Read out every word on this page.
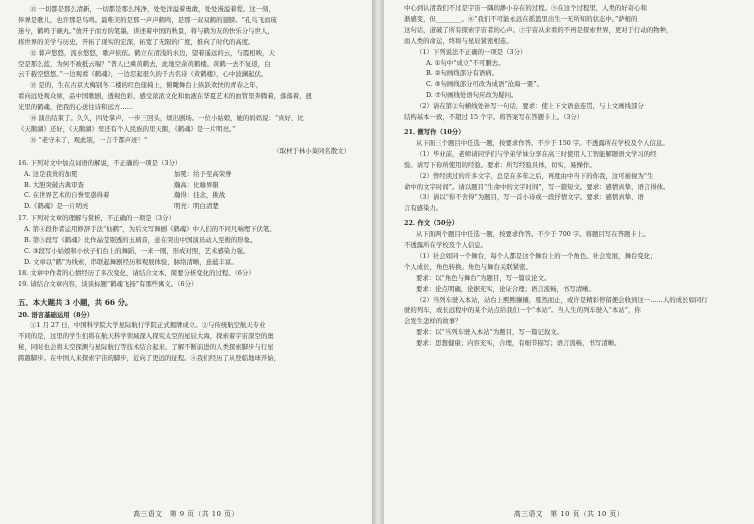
⑪ 一切都是那么清新，一切都是那么纯净，处处洋溢着勇敢，处处漫溢着爱。这一刻，
伴弹是歌儿，也许那是鸟鸣。最唯美的是那一声声鹤鸣，是那一双双鹤的翅膀。“孔鸟飞而琉
迷兮，鹤鸣于碗丸。”放开子而方的笔墨，讲述着中国的秋景，将与鹤为友的快乐分与世人，
将世界的美学与历史，开拓了现实的宏深，拓宽了无限的广度，推向了时代的高度。
⑫ 暮声悠悠，流水悠悠，歌声依依。鹤立在清浅的水边，望着遥远的云，与霞相映，天
空是那么蓝，为何不被抵云端？“普人已乘黄鹤去，此地空余黄鹤楼。黄鹤一去不复返，白
云千载空悠悠。”一边观看《鹤魂》，一边忍起很久的千古名诗《黄鹤楼》，心中波澜起伏。
⑬ 是的，生在古京大梅别冬二楼的红色座椅上，俯瞰舞台上纵跃欢快的青春之年，
看向远处观众席，品中国歌剧，透视色彩，感受浓浓文化和血液在华夏艺术的血管里奔腾着，落落着，扭
光里的鹤魂，把我的心送往诗和远方……
⑭ 演出结束了。久久，四处掌声，一步三回头，烦出剧场。一位小姑娘，她的妈妈说：“真好，比
《天鹅湖》还好，《天鹅湖》里还有个人民族的里天鹅，《鹤魂》是一片明亮。”
⑮ “老守未了，观此别，一言千都声迹！”
（取材于林小葵同名散文）
16. 下列对文中加点词语的解说，不正确的一项是（3分）
A. 这是我贵的加冕	加冕：给予至高荣誉
B. 大胆突破古典审查	瀚高：比喻界限
C. 在世界艺术的自誉里惑得着	瀚得：挂念，挑战
D.《鹤魂》是一片明亮	明亮：明白清楚
17. 下列对文章的理解与赏析，不正确的一项是（3分）
A. 第④段作者运用修辞手法“仙鹤”，为后文写舞剧《鹤魂》中人们的不同凡响埋下伏笔。
B. 第⑤段写《鹤魂》比作晶莹剔透的玉璃音，意在突出中国演员动人至极的形象。
C. ③段写小姑娘和小伙子们台上的舞蹈，一来一刚，形成对照，艺术感染力强。
D. 文章以“鹤”为线索，串联起舞剧经历和观展体验，脉络清晰，意蕴丰富。
18. 文章中作者的心情经历了多次变化，请结合文本，简要分析变化的过程。（6分）
19. 请结合文章内容，谈谈标题“鹤魂飞扬”有那些寓义。（6分）
五、本大题共 3 小题，共 66 分。
20. 语言基础运用（8分）
①1 月 27 日，中国科学院大学星际航行学院正式揭牌成立。②与传统航空航天专业
不同的是，这里的学生们将在航天科学领域深入探究太空的星辰大海，探索着宇宙深空的奥
秘，同时也会将太空探测与星际航行等技术结合起来，了解不断前进的人类探索脚步与行星
跨越脚步。在中国人来探索宇宙的脚步，近向了更远的征程。④我们经历了从登临地球开始，
高三语文　第 9 页（共 10 页）
中心到认清我们不过是宇宙一隅的渺小存在的过程。⑤在这个过程里，人类的好奇心和
渐感变，但________。⑥“我们不可能永远在摇篮里出生一无所知的状态中。”萨根的
这句话，道破了所有探索宇宙者的心声。⑦宇宙从来看的不再是探索世界，更对于行动的物种，
而人类的命运，终将与星辰紧密相连。
（1）下列说法不正确的一项是（3分）
A. ①句中“成立”不可删去。
B. ②句画线部分有语病。
C. ⑤句画线部分可改为成语“沧海一粟”。
D. ⑦句画线处语句应改为疑问。
（2）请在第②句横线处补写一句话，要求：使上下文语意连贯，与上文画线部分
结构基本一致，不超过 15 个字。将答案写在答题卡上。（3分）
21. 微写作（10分）
从下面三个题目中任选一题，按要求作答。不少于 150 字。不透露所在学校及个人信息。
（1）毕业前，老师请同学们与学弟学妹分享在高三时使用人工智能解题语文学习的经
验。请写下你所使用的经验。要求：所写经验具体，切实，易操作。
（2）曾经读过的许多文字，总是在多年之后，再度由中当下的你我，这可被视为“生
命中的文字时间”。请以题目“生命中的文字时间”，写一篇短文。要求：感情真挚，语言得体。
（3）请以“你不舍得”为题目，写一首小诗或一段抒情文字。要求：感情真挚，语
言有感染力。
22. 作文（50分）
从下面两个题目中任选一题，按要求作答。不少于 700 字。将题目写在答题卡上。
不透露所在学校及个人信息。
（1）社会如同一个舞台，每个人都是这个舞台上的一个角色。社会发展，舞台变化；
个人成长，角色转换。角色与舞台关联紧密。
要求：以“角色与舞台”为题目，写一篇议论文。
要求：论点明确，论据充实，论证合理；语言流畅，书写清晰。
（2）当列车驶入本站，站台上熙熙攘攘，戛然而止，或许是精彩停留便会收到这一……人的成长如同行
驶的列车，或长远程中的某个站点给我们一个“本站”。当人生的列车驶入“本站”，你
会发生怎样的故事？
要求：以“当列车驶入本站”为题目，写一篇记叙文。
要求：思想健康；内容充实，合理，有细节描写；语言流畅，书写清晰。
高三语文　第 10 页（共 10 页）
